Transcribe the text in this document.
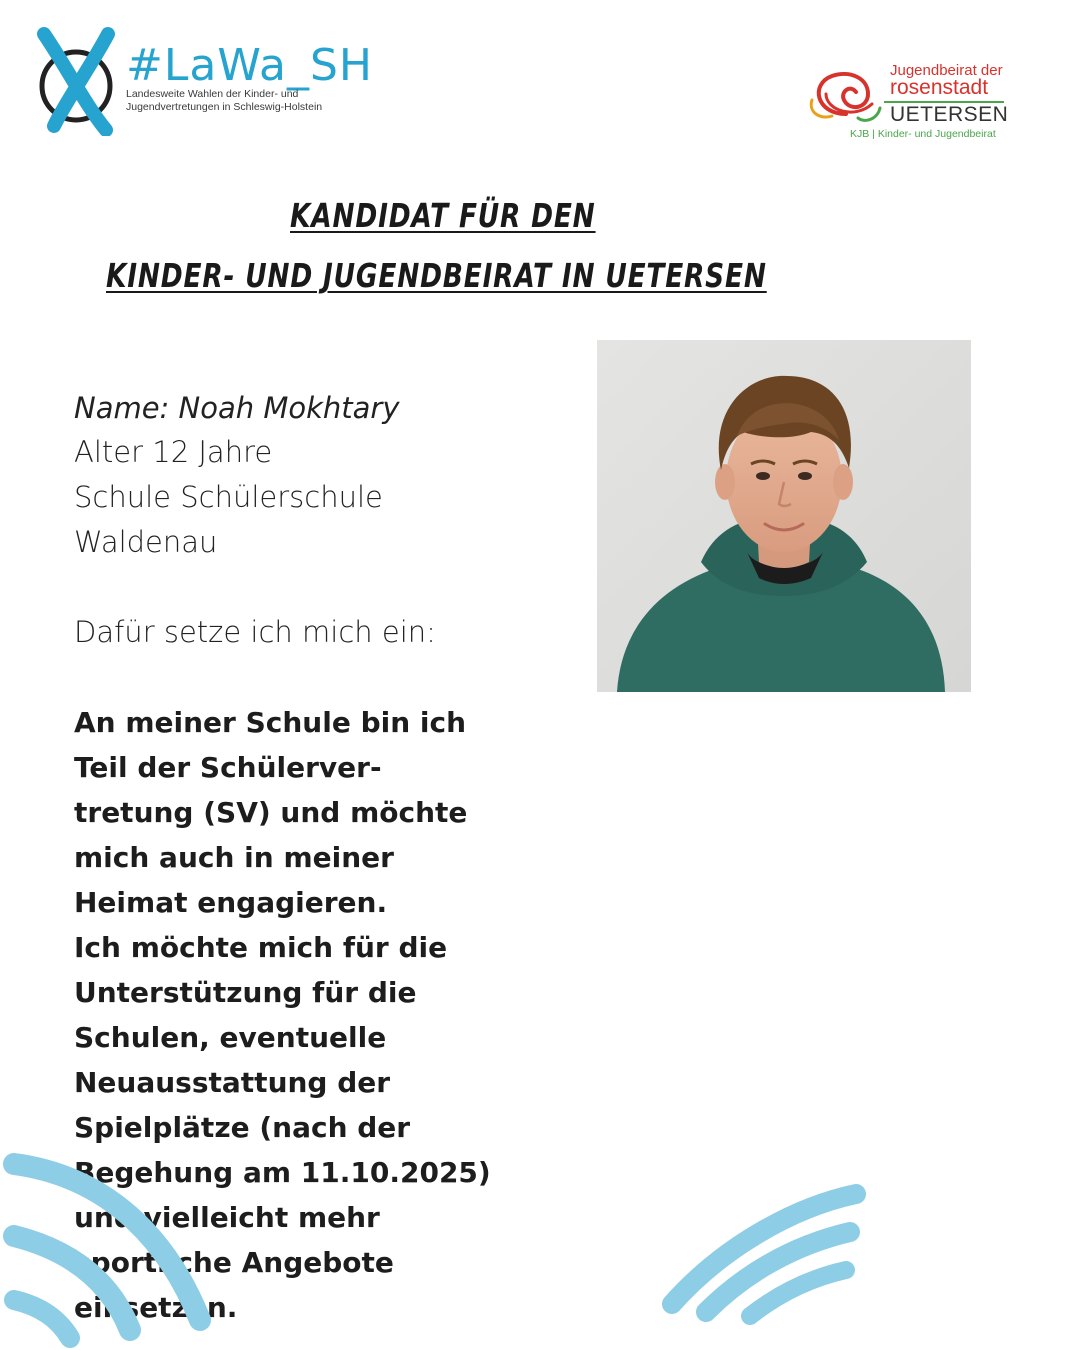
#LaWa_SH
Landesweite Wahlen der Kinder- und
Jugendvertretungen in Schleswig-Holstein
Jugendbeirat der
rosenstadt
UETERSEN
KJB | Kinder- und Jugendbeirat
KANDIDAT FÜR DEN
KINDER- UND JUGENDBEIRAT IN UETERSEN
Name: Noah Mokhtary
Alter 12 Jahre
Schule Schülerschule
Waldenau
Dafür setze ich mich ein:
An meiner Schule bin ich
Teil der Schülerver-
tretung (SV) und möchte
mich auch in meiner
Heimat engagieren.
Ich möchte mich für die
Unterstützung für die
Schulen, eventuelle
Neuausstattung der
Spielplätze (nach der
Begehung am 11.10.2025)
und vielleicht mehr
sportliche Angebote
einsetzen.
